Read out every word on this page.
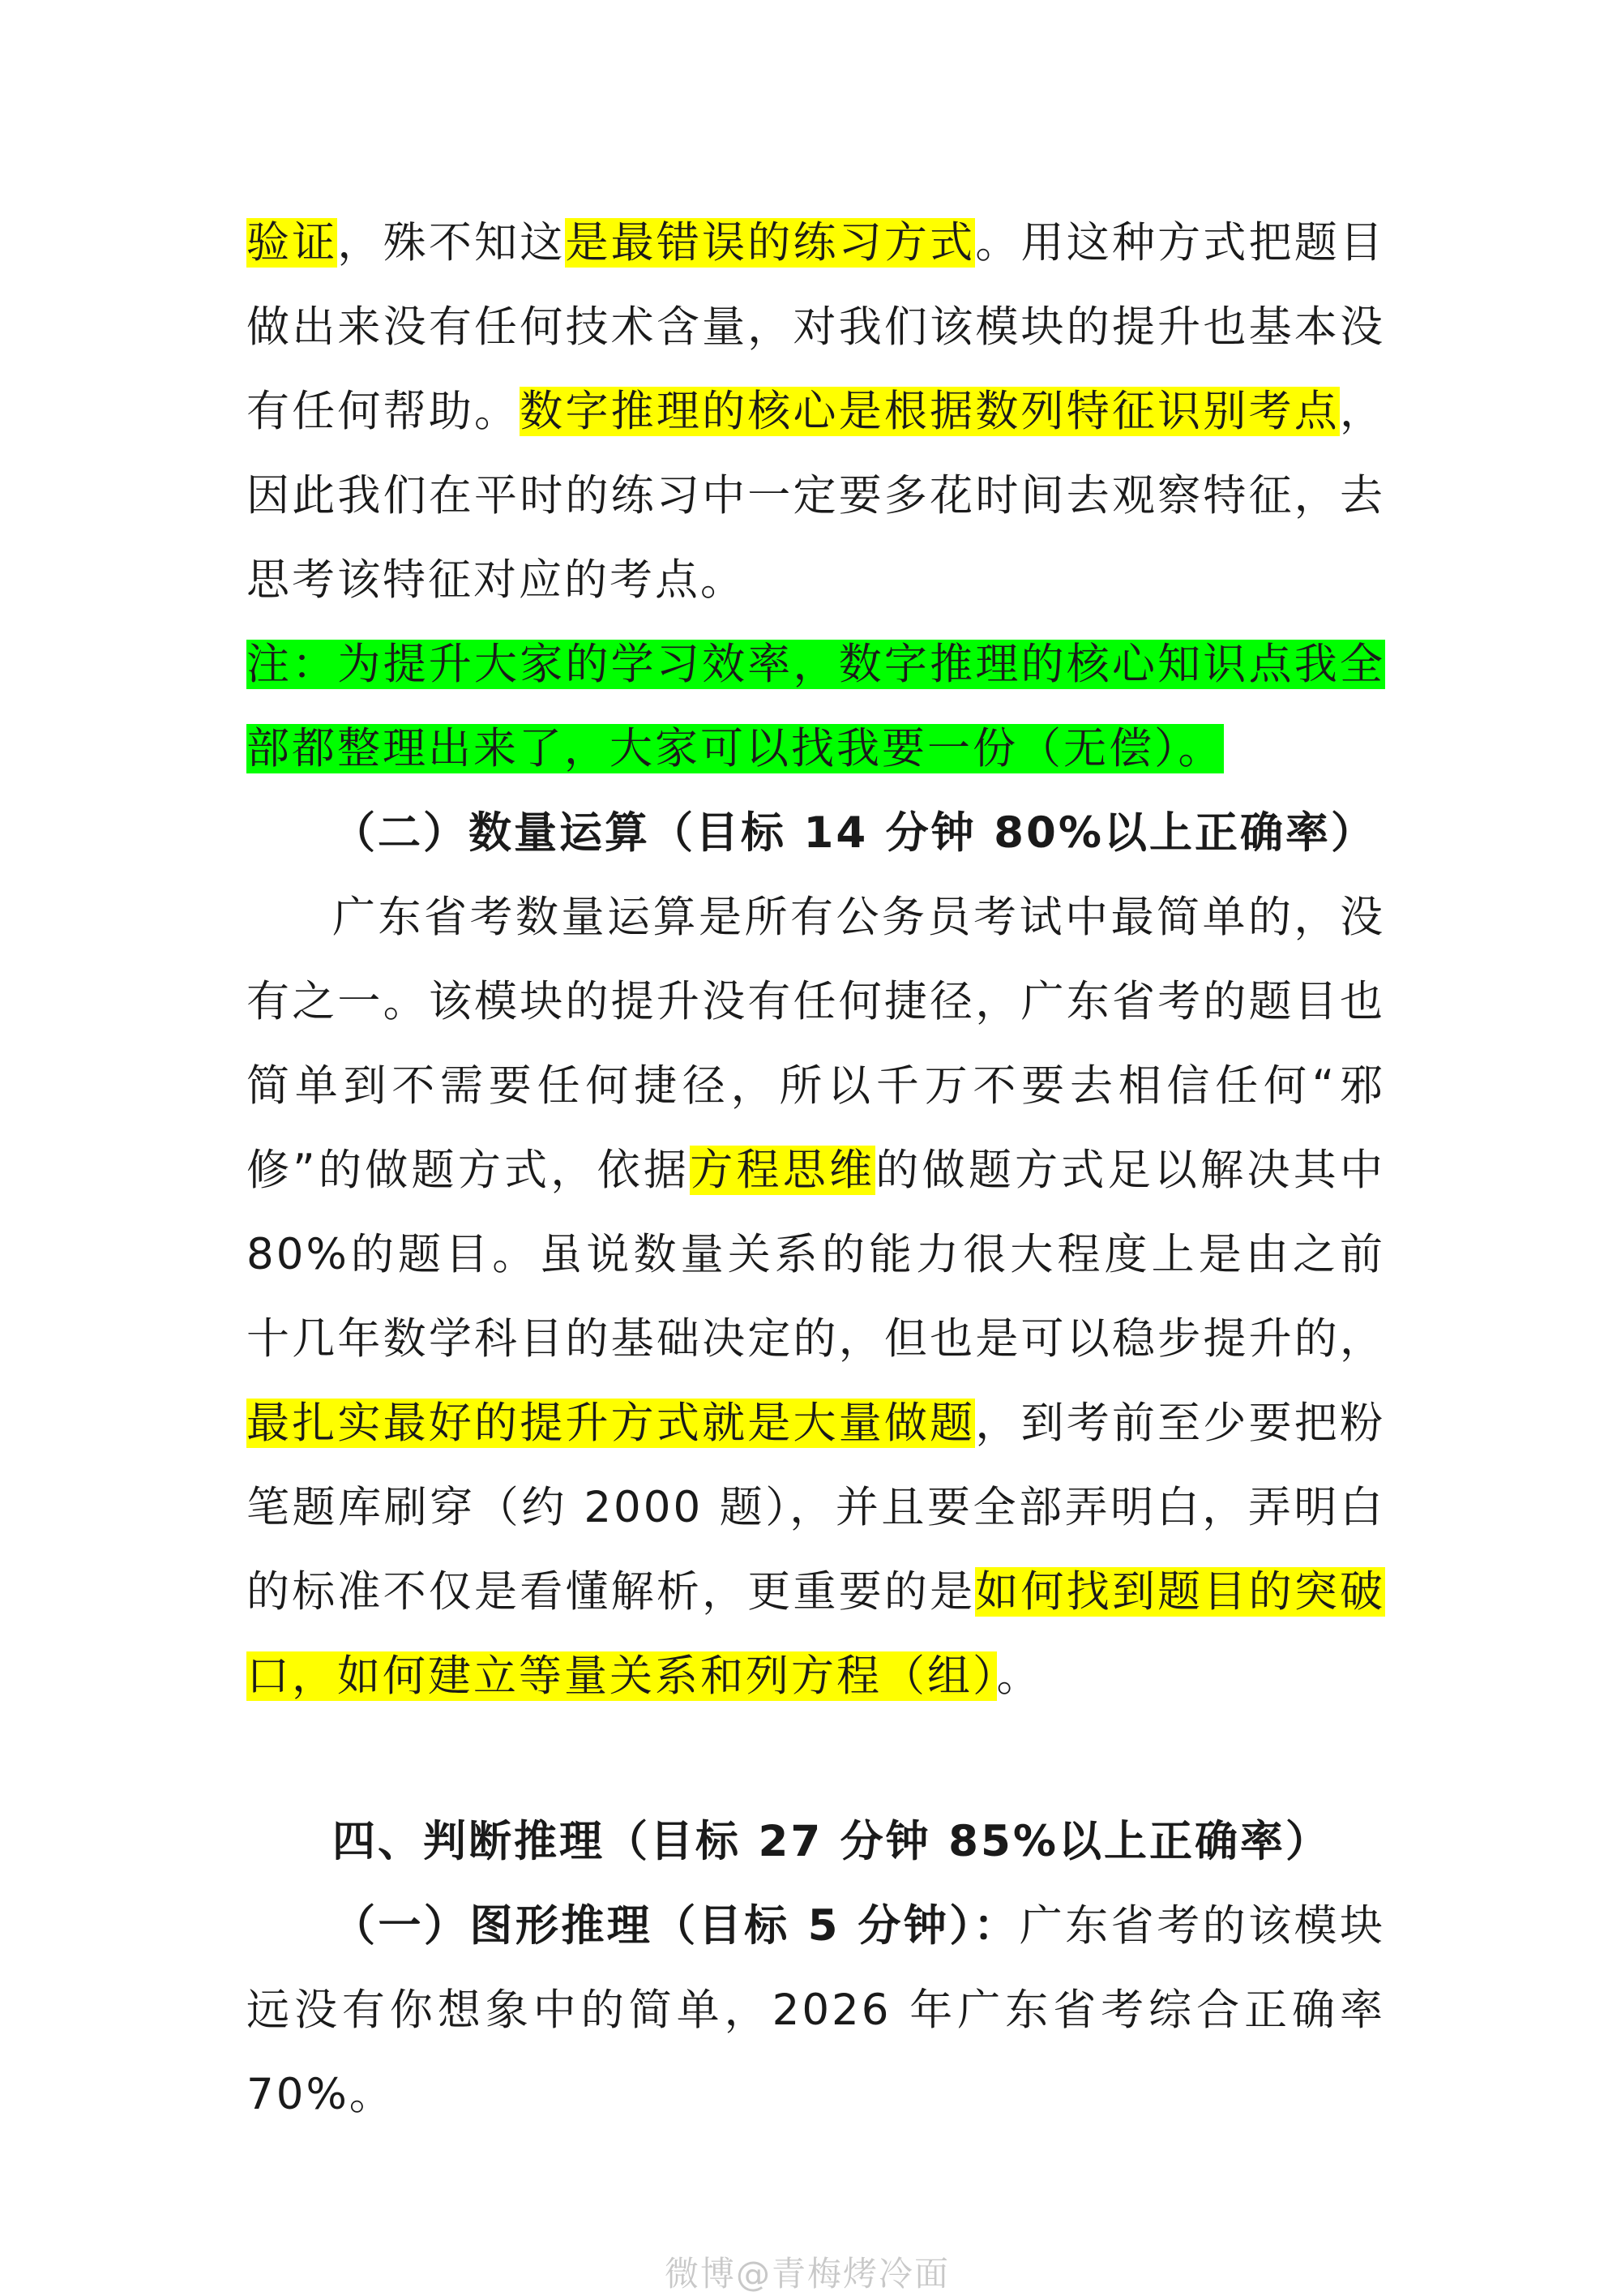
验证，殊不知这是最错误的练习方式。用这种方式把题目做出来没有任何技术含量，对我们该模块的提升也基本没有任何帮助。数字推理的核心是根据数列特征识别考点，因此我们在平时的练习中一定要多花时间去观察特征，去思考该特征对应的考点。

注：为提升大家的学习效率，数字推理的核心知识点我全部都整理出来了，大家可以找我要一份（无偿）。

（二）数量运算（目标 14 分钟 80%以上正确率）

广东省考数量运算是所有公务员考试中最简单的，没有之一。该模块的提升没有任何捷径，广东省考的题目也简单到不需要任何捷径，所以千万不要去相信任何“邪修”的做题方式，依据方程思维的做题方式足以解决其中 80%的题目。虽说数量关系的能力很大程度上是由之前十几年数学科目的基础决定的，但也是可以稳步提升的，最扎实最好的提升方式就是大量做题，到考前至少要把粉笔题库刷穿（约 2000 题），并且要全部弄明白，弄明白的标准不仅是看懂解析，更重要的是如何找到题目的突破口，如何建立等量关系和列方程（组）。

四、判断推理（目标 27 分钟 85%以上正确率）

（一）图形推理（目标 5 分钟）：广东省考的该模块远没有你想象中的简单，2026 年广东省考综合正确率 70%。

微博@青梅烤冷面
